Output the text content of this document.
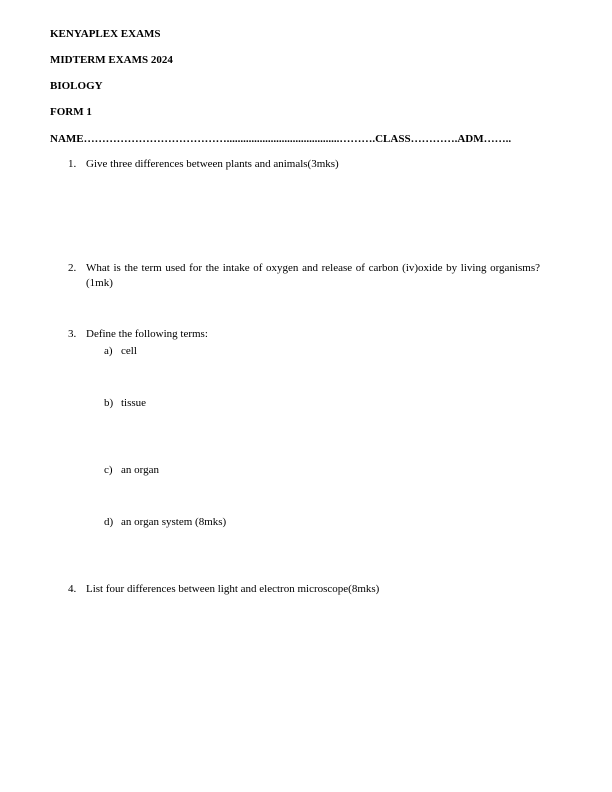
KENYAPLEX EXAMS
MIDTERM EXAMS 2024
BIOLOGY
FORM 1
NAME………………………………….........................................……….CLASS………….ADM……..
1. Give three differences between plants and animals(3mks)
2. What is the term used for the intake of oxygen and release of carbon (iv)oxide by living organisms?(1mk)
3. Define the following terms:
a) cell
b) tissue
c) an organ
d) an organ system (8mks)
4. List four differences between light and electron microscope(8mks)
